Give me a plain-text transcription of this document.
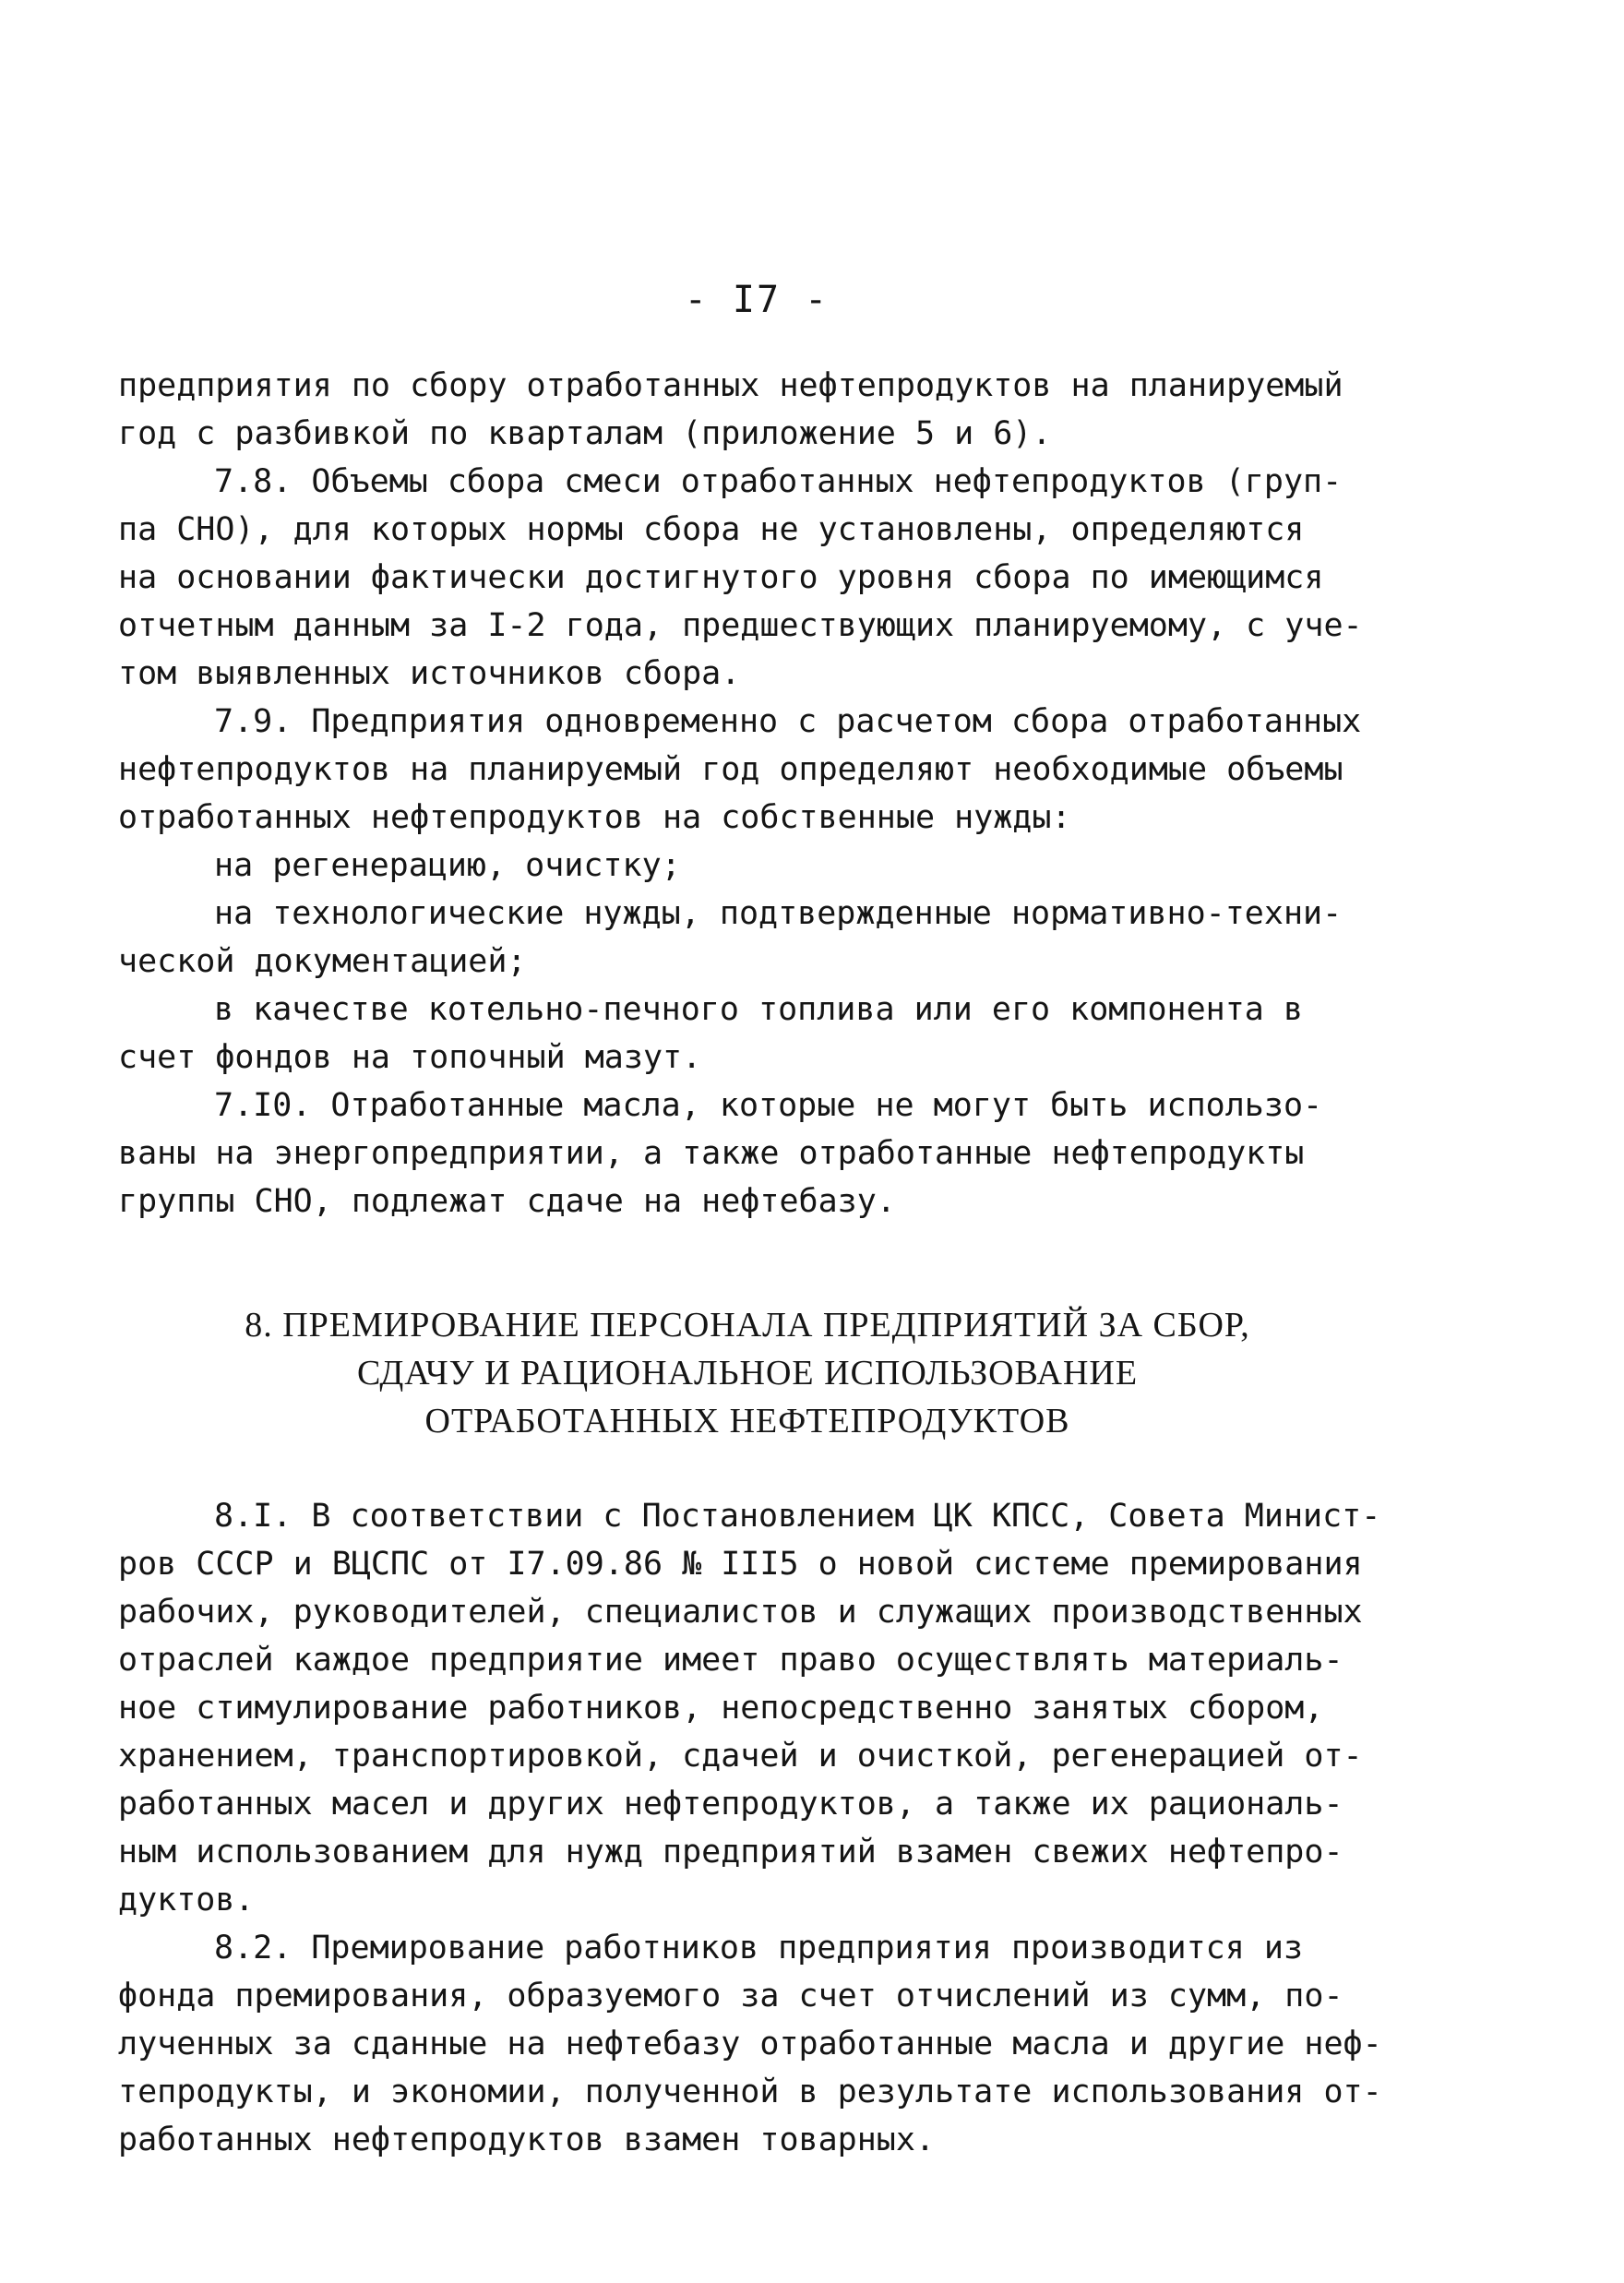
- I7 -
предприятия по сбору отработанных нефтепродуктов на планируемый
год с разбивкой по кварталам (приложение 5 и 6).
7.8. Объемы сбора смеси отработанных нефтепродуктов (груп-
па СНО), для которых нормы сбора не установлены, определяются
на основании фактически достигнутого уровня сбора по имеющимся
отчетным данным за I-2 года, предшествующих планируемому, с уче-
том выявленных источников сбора.
7.9. Предприятия одновременно с расчетом сбора отработанных
нефтепродуктов на планируемый год определяют необходимые объемы
отработанных нефтепродуктов на собственные нужды:
на регенерацию, очистку;
на технологические нужды, подтвержденные нормативно-техни-
ческой документацией;
в качестве котельно-печного топлива или его компонента в
счет фондов на топочный мазут.
7.I0. Отработанные масла, которые не могут быть использо-
ваны на энергопредприятии, а также отработанные нефтепродукты
группы СНО, подлежат сдаче на нефтебазу.
8. ПРЕМИРОВАНИЕ ПЕРСОНАЛА ПРЕДПРИЯТИЙ ЗА СБОР,
СДАЧУ И РАЦИОНАЛЬНОЕ ИСПОЛЬЗОВАНИЕ
ОТРАБОТАННЫХ НЕФТЕПРОДУКТОВ
8.I. В соответствии с Постановлением ЦК КПСС, Совета Минист-
ров СССР и ВЦСПС от I7.09.86 № III5 о новой системе премирования
рабочих, руководителей, специалистов и служащих производственных
отраслей каждое предприятие имеет право осуществлять материаль-
ное стимулирование работников, непосредственно занятых сбором,
хранением, транспортировкой, сдачей и очисткой, регенерацией от-
работанных масел и других нефтепродуктов, а также их рациональ-
ным использованием для нужд предприятий взамен свежих нефтепро-
дуктов.
8.2. Премирование работников предприятия производится из
фонда премирования, образуемого за счет отчислений из сумм, по-
лученных за сданные на нефтебазу отработанные масла и другие неф-
тепродукты, и экономии, полученной в результате использования от-
работанных нефтепродуктов взамен товарных.
